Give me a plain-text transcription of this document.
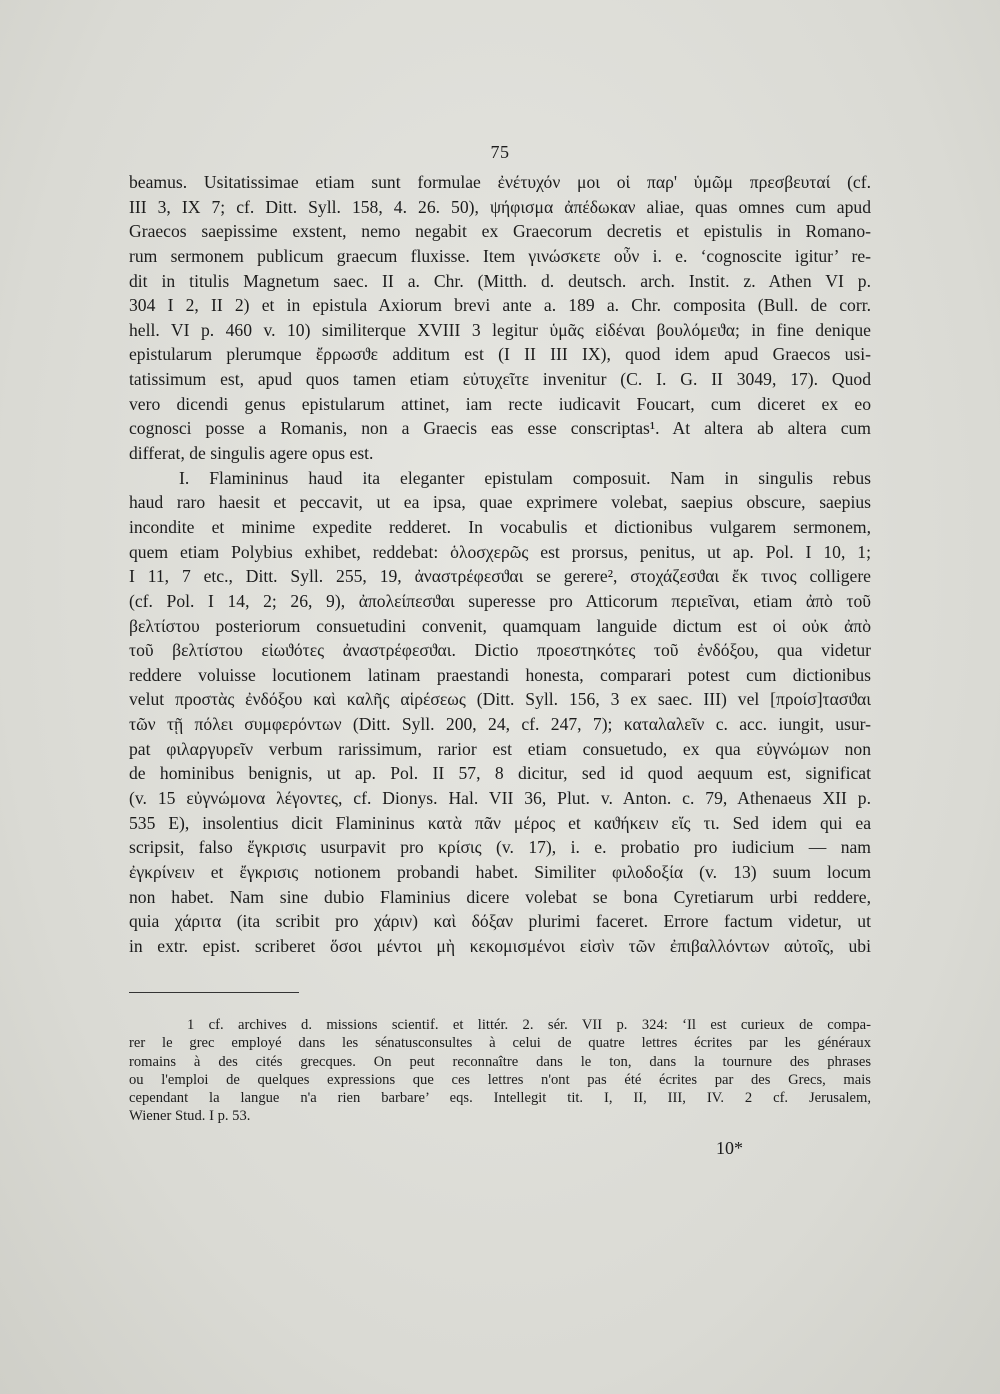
75
beamus. Usitatissimae etiam sunt formulae ἐνέτυχόν μοι οἱ παρ' ὑμῶμ πρεσβευταί (cf.
III 3, IX 7; cf. Ditt. Syll. 158, 4. 26. 50), ψήφισμα ἀπέδωκαν aliae, quas omnes cum apud
Graecos saepissime exstent, nemo negabit ex Graecorum decretis et epistulis in Romano-
rum sermonem publicum graecum fluxisse. Item γινώσκετε οὖν i. e. ‘cognoscite igitur’ re-
dit in titulis Magnetum saec. II a. Chr. (Mitth. d. deutsch. arch. Instit. z. Athen VI p.
304 I 2, II 2) et in epistula Axiorum brevi ante a. 189 a. Chr. composita (Bull. de corr.
hell. VI p. 460 v. 10) similiterque XVIII 3 legitur ὑμᾶς εἰδέναι βουλόμεϑα; in fine denique
epistularum plerumque ἔρρωσϑε additum est (I II III IX), quod idem apud Graecos usi-
tatissimum est, apud quos tamen etiam εὐτυχεῖτε invenitur (C. I. G. II 3049, 17). Quod
vero dicendi genus epistularum attinet, iam recte iudicavit Foucart, cum diceret ex eo
cognosci posse a Romanis, non a Graecis eas esse conscriptas¹. At altera ab altera cum
differat, de singulis agere opus est.
I. Flamininus haud ita eleganter epistulam composuit. Nam in singulis rebus
haud raro haesit et peccavit, ut ea ipsa, quae exprimere volebat, saepius obscure, saepius
incondite et minime expedite redderet. In vocabulis et dictionibus vulgarem sermonem,
quem etiam Polybius exhibet, reddebat: ὁλοσχερῶς est prorsus, penitus, ut ap. Pol. I 10, 1;
I 11, 7 etc., Ditt. Syll. 255, 19, ἀναστρέφεσϑαι se gerere², στοχάζεσϑαι ἔκ τινος colligere
(cf. Pol. I 14, 2; 26, 9), ἀπολείπεσϑαι superesse pro Atticorum περιεῖναι, etiam ἀπὸ τοῦ
βελτίστου posteriorum consuetudini convenit, quamquam languide dictum est οἱ οὐκ ἀπὸ
τοῦ βελτίστου εἰωϑότες ἀναστρέφεσϑαι. Dictio προεστηκότες τοῦ ἐνδόξου, qua videtur
reddere voluisse locutionem latinam praestandi honesta, comparari potest cum dictionibus
velut προστὰς ἐνδόξου καὶ καλῆς αἱρέσεως (Ditt. Syll. 156, 3 ex saec. III) vel [προίσ]τασϑαι
τῶν τῇ πόλει συμφερόντων (Ditt. Syll. 200, 24, cf. 247, 7); καταλαλεῖν c. acc. iungit, usur-
pat φιλαργυρεῖν verbum rarissimum, rarior est etiam consuetudo, ex qua εὐγνώμων non
de hominibus benignis, ut ap. Pol. II 57, 8 dicitur, sed id quod aequum est, significat
(v. 15 εὐγνώμονα λέγοντες, cf. Dionys. Hal. VII 36, Plut. v. Anton. c. 79, Athenaeus XII p.
535 E), insolentius dicit Flamininus κατὰ πᾶν μέρος et καϑήκειν εἴς τι. Sed idem qui ea
scripsit, falso ἔγκρισις usurpavit pro κρίσις (v. 17), i. e. probatio pro iudicium — nam
ἐγκρίνειν et ἔγκρισις notionem probandi habet. Similiter φιλοδοξία (v. 13) suum locum
non habet. Nam sine dubio Flaminius dicere volebat se bona Cyretiarum urbi reddere,
quia χάριτα (ita scribit pro χάριν) καὶ δόξαν plurimi faceret. Errore factum videtur, ut
in extr. epist. scriberet ὅσοι μέντοι μὴ κεκομισμένοι εἰσὶν τῶν ἐπιβαλλόντων αὐτοῖς, ubi
1 cf. archives d. missions scientif. et littér. 2. sér. VII p. 324: ‘Il est curieux de compa-
rer le grec employé dans les sénatusconsultes à celui de quatre lettres écrites par les généraux
romains à des cités grecques. On peut reconnaître dans le ton, dans la tournure des phrases
ou l'emploi de quelques expressions que ces lettres n'ont pas été écrites par des Grecs, mais
cependant la langue n'a rien barbare’ eqs. Intellegit tit. I, II, III, IV. 2 cf. Jerusalem,
Wiener Stud. I p. 53.
10*
